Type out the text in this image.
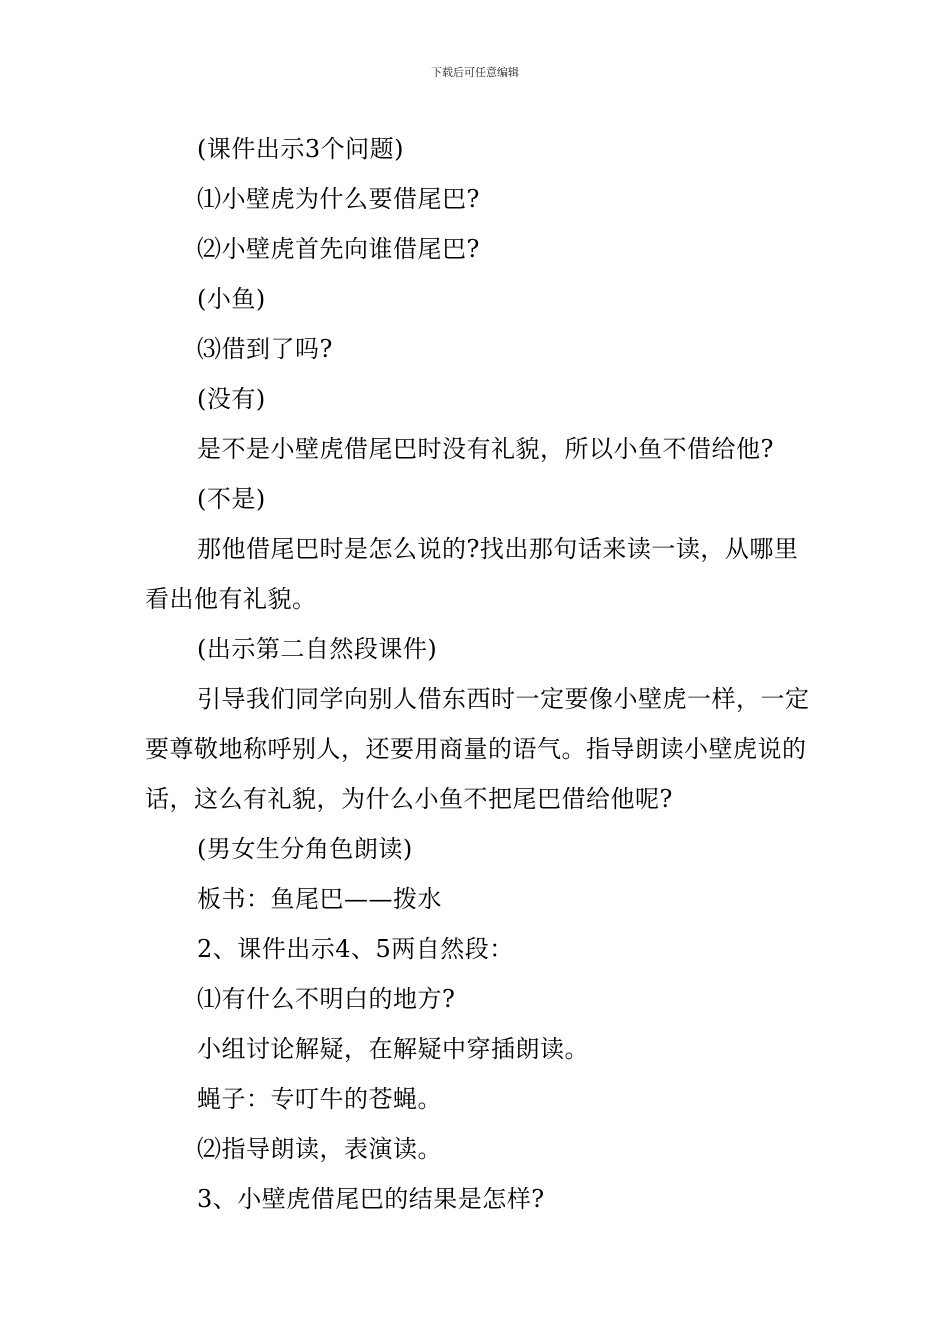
下载后可任意编辑

(课件出示3个问题)

⑴小壁虎为什么要借尾巴?

⑵小壁虎首先向谁借尾巴?

(小鱼)

⑶借到了吗?

(没有)

是不是小壁虎借尾巴时没有礼貌，所以小鱼不借给他?

(不是)

那他借尾巴时是怎么说的?找出那句话来读一读，从哪里看出他有礼貌。

(出示第二自然段课件)

引导我们同学向别人借东西时一定要像小壁虎一样，一定要尊敬地称呼别人，还要用商量的语气。指导朗读小壁虎说的话，这么有礼貌，为什么小鱼不把尾巴借给他呢?

(男女生分角色朗读)

板书：鱼尾巴——拨水

2、课件出示4、5两自然段：

⑴有什么不明白的地方?

小组讨论解疑，在解疑中穿插朗读。

蝇子：专叮牛的苍蝇。

⑵指导朗读，表演读。

3、小壁虎借尾巴的结果是怎样?
